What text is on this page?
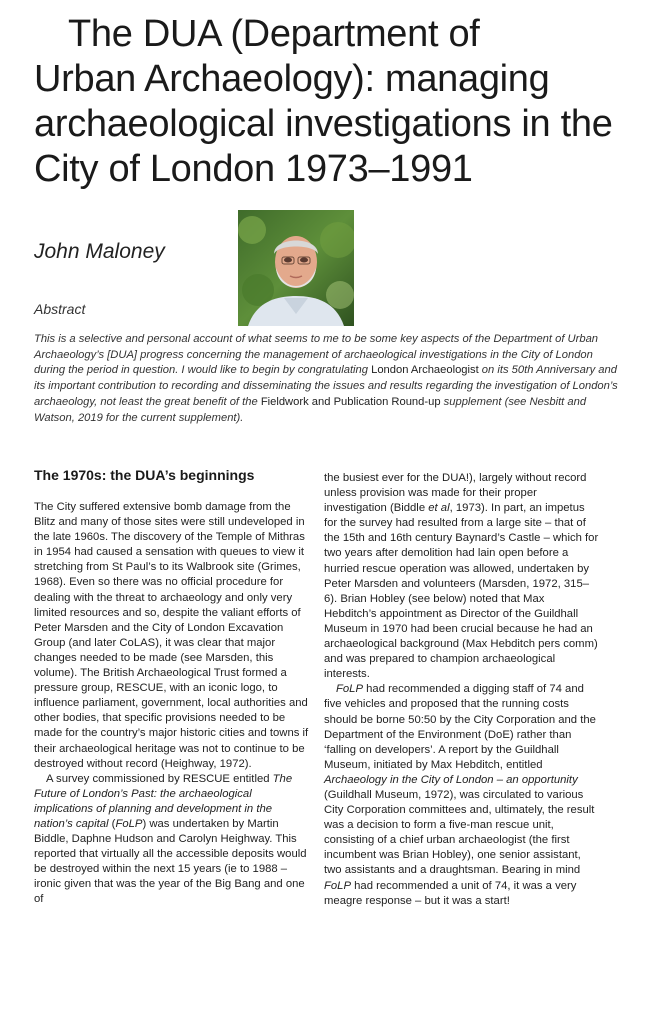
The DUA (Department of
Urban Archaeology): managing
archaeological investigations in the
City of London 1973–1991
John Maloney
Abstract
This is a selective and personal account of what seems to me to be some key aspects of the Department of Urban Archaeology’s [DUA] progress concerning the management of archaeological investigations in the City of London during the period in question. I would like to begin by congratulating London Archaeologist on its 50th Anniversary and its important contribution to recording and disseminating the issues and results regarding the investigation of London’s archaeology, not least the great benefit of the Fieldwork and Publication Round-up supplement (see Nesbitt and Watson, 2019 for the current supplement).
The 1970s: the DUA’s beginnings

The City suffered extensive bomb damage from the Blitz and many of those sites were still undeveloped in the late 1960s. The discovery of the Temple of Mithras in 1954 had caused a sensation with queues to view it stretching from St Paul’s to its Walbrook site (Grimes, 1968). Even so there was no official procedure for dealing with the threat to archaeology and only very limited resources and so, despite the valiant efforts of Peter Marsden and the City of London Excavation Group (and later CoLAS), it was clear that major changes needed to be made (see Marsden, this volume). The British Archaeological Trust formed a pressure group, RESCUE, with an iconic logo, to influence parliament, government, local authorities and other bodies, that specific provisions needed to be made for the country’s major historic cities and towns if their archaeological heritage was not to continue to be destroyed without record (Heighway, 1972).

A survey commissioned by RESCUE entitled The Future of London’s Past: the archaeological implications of planning and development in the nation’s capital (FoLP) was undertaken by Martin Biddle, Daphne Hudson and Carolyn Heighway. This reported that virtually all the accessible deposits would be destroyed within the next 15 years (ie to 1988 – ironic given that was the year of the Big Bang and one of

the busiest ever for the DUA!), largely without record unless provision was made for their proper investigation (Biddle et al, 1973). In part, an impetus for the survey had resulted from a large site – that of the 15th and 16th century Baynard’s Castle – which for two years after demolition had lain open before a hurried rescue operation was allowed, undertaken by Peter Marsden and volunteers (Marsden, 1972, 315–6). Brian Hobley (see below) noted that Max Hebditch’s appointment as Director of the Guildhall Museum in 1970 had been crucial because he had an archaeological background (Max Hebditch pers comm) and was prepared to champion archaeological interests.

FoLP had recommended a digging staff of 74 and five vehicles and proposed that the running costs should be borne 50:50 by the City Corporation and the Department of the Environment (DoE) rather than ‘falling on developers’. A report by the Guildhall Museum, initiated by Max Hebditch, entitled Archaeology in the City of London – an opportunity (Guildhall Museum, 1972), was circulated to various City Corporation committees and, ultimately, the result was a decision to form a five-man rescue unit, consisting of a chief urban archaeologist (the first incumbent was Brian Hobley), one senior assistant, two assistants and a draughtsman. Bearing in mind FoLP had recommended a unit of 74, it was a very meagre response – but it was a start!
